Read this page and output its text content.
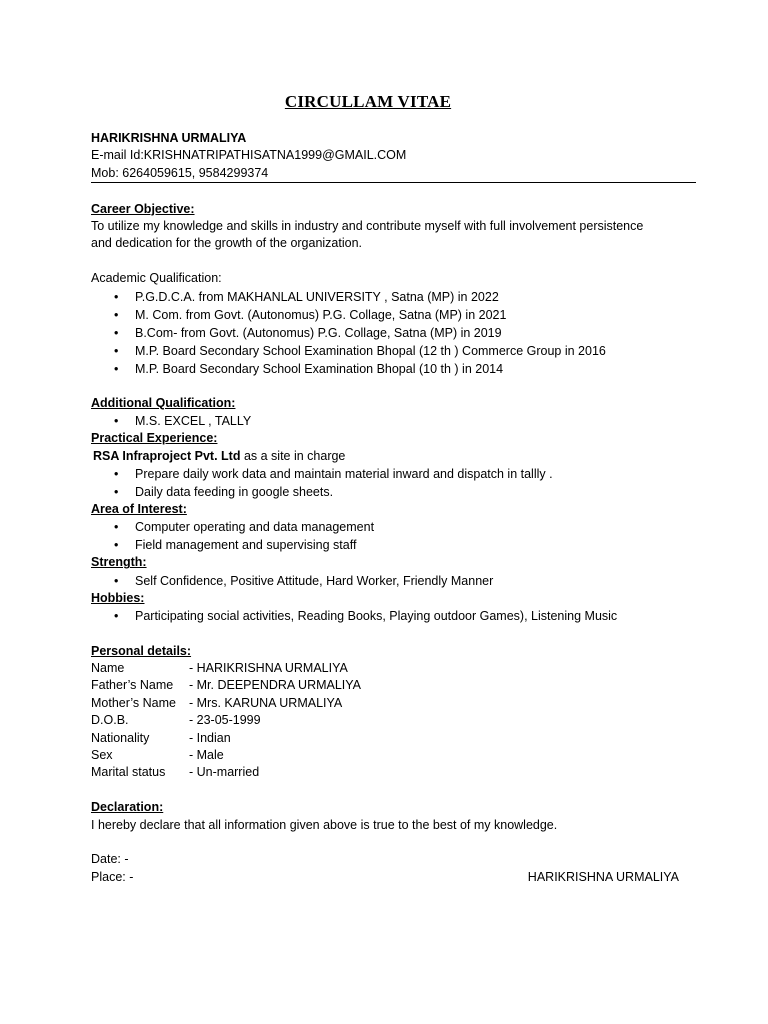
CIRCULLAM VITAE
HARIKRISHNA URMALIYA
E-mail Id:KRISHNATRIPATHISATNA1999@GMAIL.COM
Mob: 6264059615, 9584299374
Career Objective:
To utilize my knowledge and skills in industry and contribute myself with full involvement persistence
and dedication for the growth of the organization.
Academic Qualification:
• P.G.D.C.A. from MAKHANLAL UNIVERSITY , Satna (MP) in 2022
• M. Com. from Govt. (Autonomus) P.G. Collage, Satna (MP) in 2021
• B.Com- from Govt. (Autonomus) P.G. Collage, Satna (MP) in 2019
• M.P. Board Secondary School Examination Bhopal (12 th ) Commerce Group in 2016
• M.P. Board Secondary School Examination Bhopal (10 th ) in 2014
Additional Qualification:
• M.S. EXCEL , TALLY
Practical Experience:
RSA Infraproject Pvt. Ltd as a site in charge
• Prepare daily work data and maintain material inward and dispatch in tallly .
• Daily data feeding in google sheets.
Area of Interest:
• Computer operating and data management
• Field management and supervising staff
Strength:
• Self Confidence, Positive Attitude, Hard Worker, Friendly Manner
Hobbies:
• Participating social activities, Reading Books, Playing outdoor Games), Listening Music
Personal details:
Name	- HARIKRISHNA URMALIYA
Father’s Name	- Mr. DEEPENDRA URMALIYA
Mother’s Name	- Mrs. KARUNA URMALIYA
D.O.B.	- 23-05-1999
Nationality	- Indian
Sex	- Male
Marital status	- Un-married
Declaration:
I hereby declare that all information given above is true to the best of my knowledge.
Date: -
Place: -	HARIKRISHNA URMALIYA
